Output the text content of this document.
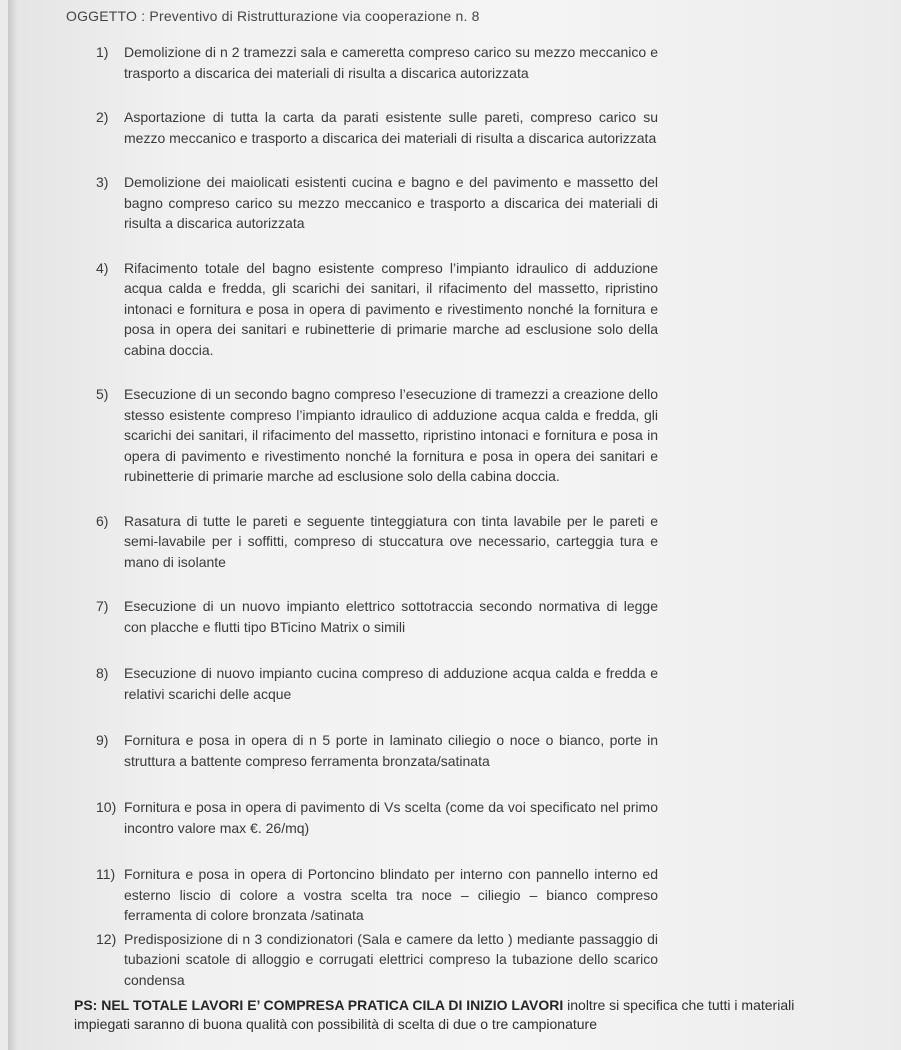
OGGETTO : Preventivo di Ristrutturazione via cooperazione n. 8
1)	Demolizione di n 2 tramezzi sala e cameretta compreso carico su mezzo meccanico e trasporto a discarica dei materiali di risulta a discarica autorizzata
2)	Asportazione di tutta la carta da parati esistente sulle pareti, compreso carico su mezzo meccanico e trasporto a discarica dei materiali di risulta a discarica autorizzata
3)	Demolizione dei maiolicati esistenti cucina e bagno e del pavimento e massetto del bagno compreso carico su mezzo meccanico e trasporto a discarica dei materiali di risulta a discarica autorizzata
4)	Rifacimento totale del bagno esistente compreso l’impianto idraulico di adduzione acqua calda e fredda, gli scarichi dei sanitari, il rifacimento del massetto, ripristino intonaci e fornitura e posa in opera di pavimento e rivestimento nonché la fornitura e posa in opera dei sanitari e rubinetterie di primarie marche ad esclusione solo della cabina doccia.
5)	Esecuzione di un secondo bagno compreso l’esecuzione di tramezzi a creazione dello stesso esistente compreso l’impianto idraulico di adduzione acqua calda e fredda, gli scarichi dei sanitari, il rifacimento del massetto, ripristino intonaci e fornitura e posa in opera di pavimento e rivestimento nonché la fornitura e posa in opera dei sanitari e rubinetterie di primarie marche ad esclusione solo della cabina doccia.
6)	Rasatura di tutte le pareti e seguente tinteggiatura con tinta lavabile per le pareti e semi-lavabile per i soffitti, compreso di stuccatura ove necessario, carteggia tura e mano di isolante
7)	Esecuzione di un nuovo impianto elettrico sottotraccia secondo normativa di legge con placche e flutti tipo BTicino Matrix o simili
8)	Esecuzione di nuovo impianto cucina compreso di adduzione acqua calda e fredda e relativi scarichi delle acque
9)	Fornitura e posa in opera di n 5 porte in laminato ciliegio o noce o bianco, porte in struttura a battente compreso ferramenta bronzata/satinata
10) Fornitura e posa in opera di pavimento di Vs scelta (come da voi specificato nel primo incontro valore max €. 26/mq)
11) Fornitura e posa in opera di Portoncino blindato per interno con pannello interno ed esterno liscio di colore a vostra scelta tra noce – ciliegio – bianco compreso ferramenta di colore bronzata /satinata
12) Predisposizione di n 3 condizionatori (Sala e camere da letto ) mediante passaggio di tubazioni scatole di alloggio e corrugati elettrici compreso la tubazione dello scarico condensa
PS: NEL TOTALE LAVORI E’ COMPRESA PRATICA CILA DI INIZIO LAVORI inoltre si specifica che tutti i materiali impiegati saranno di buona qualità con possibilità di scelta di due o tre campionature
